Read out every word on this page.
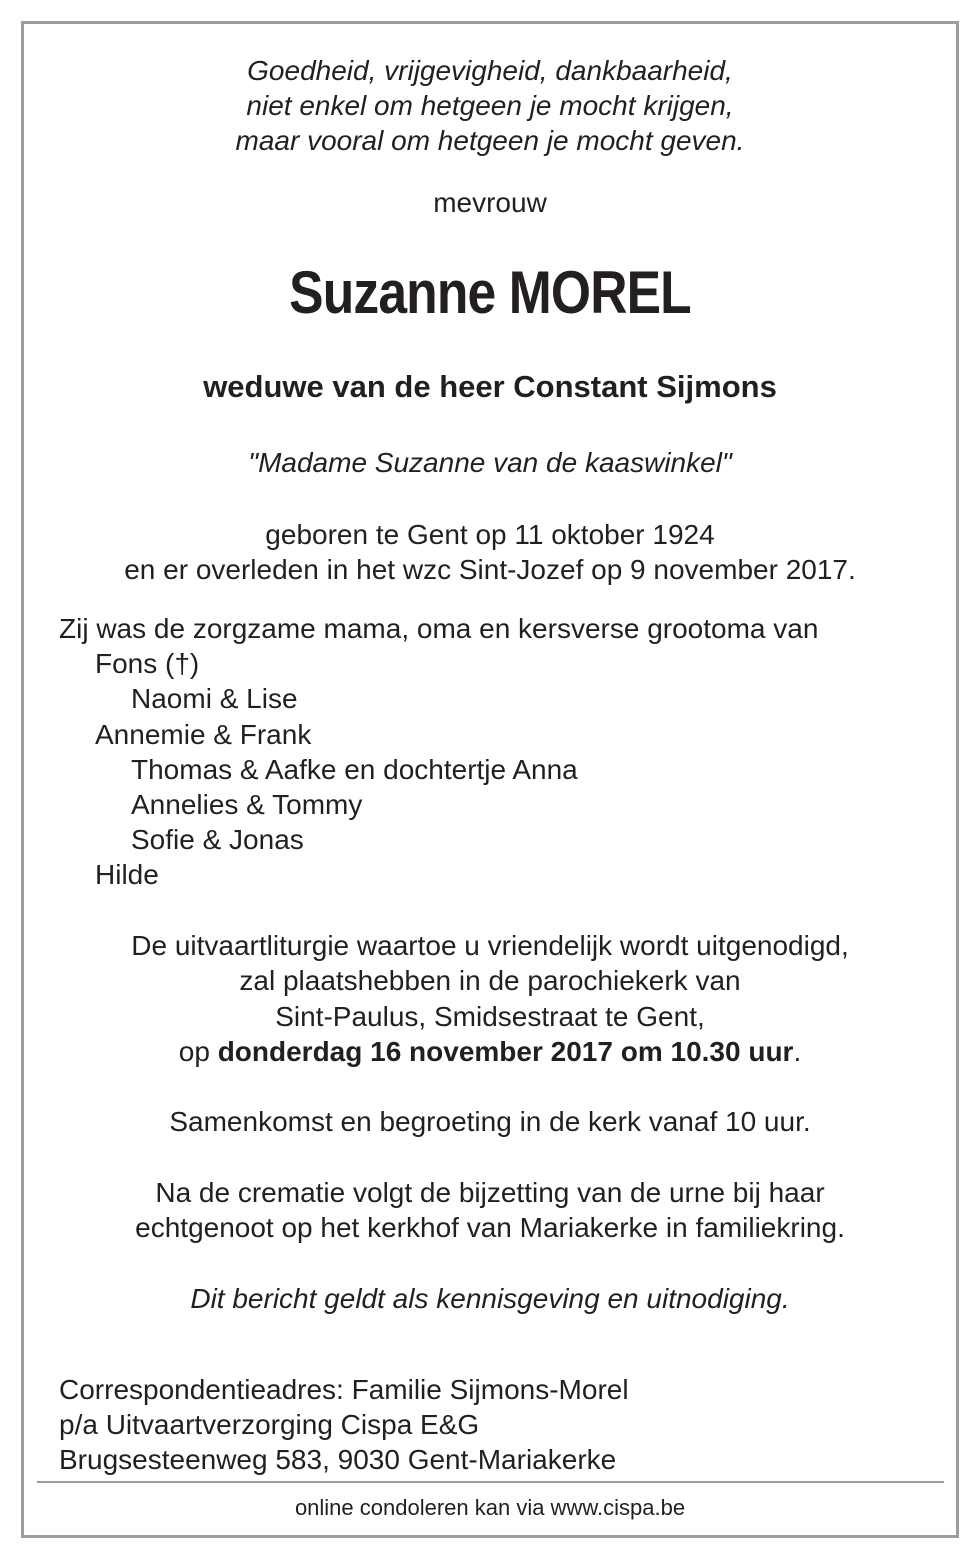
Goedheid, vrijgevigheid, dankbaarheid,
niet enkel om hetgeen je mocht krijgen,
maar vooral om hetgeen je mocht geven.
mevrouw
Suzanne MOREL
weduwe van de heer Constant Sijmons
"Madame Suzanne van de kaaswinkel"
geboren te Gent op 11 oktober 1924
en er overleden in het wzc Sint-Jozef op 9 november 2017.
Zij was de zorgzame mama, oma en kersverse grootoma van
Fons (†)
Naomi & Lise
Annemie & Frank
Thomas & Aafke en dochtertje Anna
Annelies & Tommy
Sofie & Jonas
Hilde
De uitvaartliturgie waartoe u vriendelijk wordt uitgenodigd,
zal plaatshebben in de parochiekerk van
Sint-Paulus, Smidsestraat te Gent,
op donderdag 16 november 2017 om 10.30 uur.
Samenkomst en begroeting in de kerk vanaf 10 uur.
Na de crematie volgt de bijzetting van de urne bij haar
echtgenoot op het kerkhof van Mariakerke in familiekring.
Dit bericht geldt als kennisgeving en uitnodiging.
Correspondentieadres: Familie Sijmons-Morel
p/a Uitvaartverzorging Cispa E&G
Brugsesteenweg 583, 9030 Gent-Mariakerke
online condoleren kan via www.cispa.be
